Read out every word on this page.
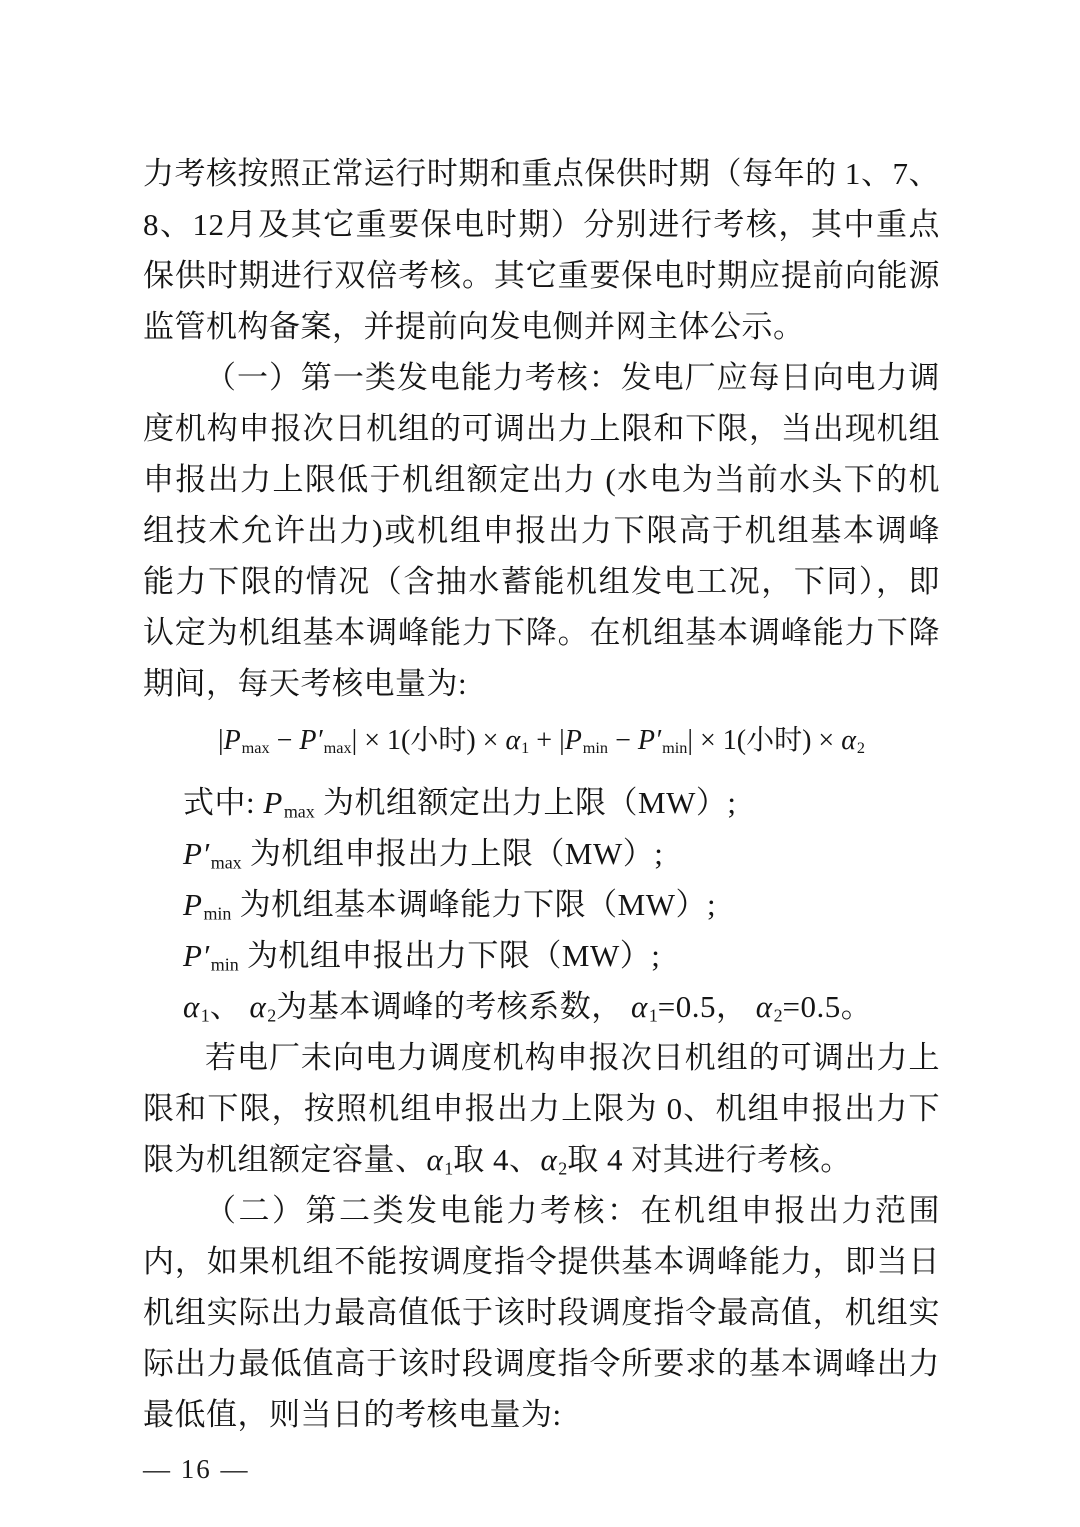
力考核按照正常运行时期和重点保供时期（每年的 1、7、8、12月及其它重要保电时期）分别进行考核，其中重点保供时期进行双倍考核。其它重要保电时期应提前向能源监管机构备案，并提前向发电侧并网主体公示。

（一）第一类发电能力考核：发电厂应每日向电力调度机构申报次日机组的可调出力上限和下限，当出现机组申报出力上限低于机组额定出力 (水电为当前水头下的机组技术允许出力)或机组申报出力下限高于机组基本调峰能力下限的情况（含抽水蓄能机组发电工况，下同），即认定为机组基本调峰能力下降。在机组基本调峰能力下降期间，每天考核电量为:

$|P_{max} - P'_{max}| \times 1$(小时) × $\alpha_1 + |P_{min} - P'_{min}| \times 1$(小时) × $\alpha_2$

式中: $P_{max}$ 为机组额定出力上限（MW）;

$P'_{max}$ 为机组申报出力上限（MW）;

$P_{min}$ 为机组基本调峰能力下限（MW）;

$P'_{min}$ 为机组申报出力下限（MW）;

$\alpha_1$、 $\alpha_2$为基本调峰的考核系数， $\alpha_1=0.5$， $\alpha_2=0.5$。

若电厂未向电力调度机构申报次日机组的可调出力上限和下限，按照机组申报出力上限为 0、机组申报出力下限为机组额定容量、$\alpha_1$取 4、$\alpha_2$取 4 对其进行考核。

（二）第二类发电能力考核：在机组申报出力范围内，如果机组不能按调度指令提供基本调峰能力，即当日机组实际出力最高值低于该时段调度指令最高值，机组实际出力最低值高于该时段调度指令所要求的基本调峰出力最低值，则当日的考核电量为:

— 16 —
